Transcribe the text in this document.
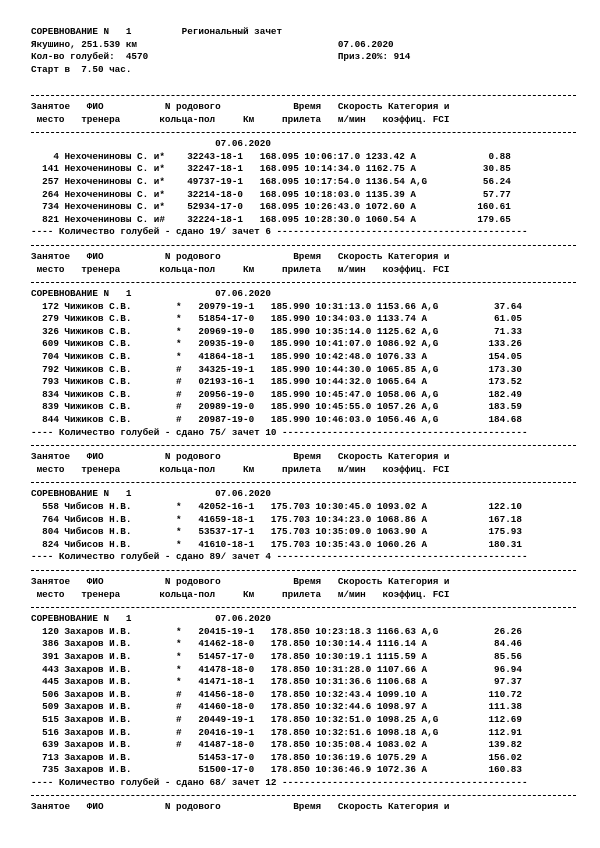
СОРЕВНОВАНИЕ N   1         Региональный зачет
Якушино, 251.539 км                                    07.06.2020
Кол-во голубей:  4570                                  Приз.20%: 914
Старт в  7.50 час.
Занятое   ФИО           N родового             Время   Скорость Категория и
место   тренера       кольца-пол     Км     прилета   м/мин   коэффиц. FCI
07.06.2020
4 Нехочениновы С. и*    32243-18-1   168.095 10:06:17.0 1233.42 A             0.88
141 Нехочениновы С. и*    32247-18-1   168.095 10:14:34.0 1162.75 A            30.85
257 Нехочениновы С. и*    49737-19-1   168.095 10:17:54.0 1136.54 A,G          56.24
264 Нехочениновы С. и*    32214-18-0   168.095 10:18:03.0 1135.39 A            57.77
734 Нехочениновы С. и*    52934-17-0   168.095 10:26:43.0 1072.60 A           160.61
821 Нехочениновы С. и#    32224-18-1   168.095 10:28:30.0 1060.54 A           179.65
---- Количество голубей - сдано 19/ зачет 6 ---------------------------------------------
Занятое   ФИО           N родового             Время   Скорость Категория и
место   тренера       кольца-пол     Км     прилета   м/мин   коэффиц. FCI
СОРЕВНОВАНИЕ N   1               07.06.2020
172 Чижиков С.В.        *   20979-19-1   185.990 10:31:13.0 1153.66 A,G          37.64
279 Чижиков С.В.        *   51854-17-0   185.990 10:34:03.0 1133.74 A            61.05
326 Чижиков С.В.        *   20969-19-0   185.990 10:35:14.0 1125.62 A,G          71.33
609 Чижиков С.В.        *   20935-19-0   185.990 10:41:07.0 1086.92 A,G         133.26
704 Чижиков С.В.        *   41864-18-1   185.990 10:42:48.0 1076.33 A           154.05
792 Чижиков С.В.        #   34325-19-1   185.990 10:44:30.0 1065.85 A,G         173.30
793 Чижиков С.В.        #   02193-16-1   185.990 10:44:32.0 1065.64 A           173.52
834 Чижиков С.В.        #   20956-19-0   185.990 10:45:47.0 1058.06 A,G         182.49
839 Чижиков С.В.        #   20989-19-0   185.990 10:45:55.0 1057.26 A,G         183.59
844 Чижиков С.В.        #   20987-19-0   185.990 10:46:03.0 1056.46 A,G         184.68
---- Количество голубей - сдано 75/ зачет 10 --------------------------------------------
Занятое   ФИО           N родового             Время   Скорость Категория и
место   тренера       кольца-пол     Км     прилета   м/мин   коэффиц. FCI
СОРЕВНОВАНИЕ N   1               07.06.2020
558 Чибисов Н.В.        *   42052-16-1   175.703 10:30:45.0 1093.02 A           122.10
764 Чибисов Н.В.        *   41659-18-1   175.703 10:34:23.0 1068.86 A           167.18
804 Чибисов Н.В.        *   53537-17-1   175.703 10:35:09.0 1063.90 A           175.93
824 Чибисов Н.В.        *   41610-18-1   175.703 10:35:43.0 1060.26 A           180.31
---- Количество голубей - сдано 89/ зачет 4 ---------------------------------------------
Занятое   ФИО           N родового             Время   Скорость Категория и
место   тренера       кольца-пол     Км     прилета   м/мин   коэффиц. FCI
СОРЕВНОВАНИЕ N   1               07.06.2020
120 Захаров И.В.        *   20415-19-1   178.850 10:23:18.3 1166.63 A,G          26.26
386 Захаров И.В.        *   41462-18-0   178.850 10:30:14.4 1116.14 A            84.46
391 Захаров И.В.        *   51457-17-0   178.850 10:30:19.1 1115.59 A            85.56
443 Захаров И.В.        *   41478-18-0   178.850 10:31:28.0 1107.66 A            96.94
445 Захаров И.В.        *   41471-18-1   178.850 10:31:36.6 1106.68 A            97.37
506 Захаров И.В.        #   41456-18-0   178.850 10:32:43.4 1099.10 A           110.72
509 Захаров И.В.        #   41460-18-0   178.850 10:32:44.6 1098.97 A           111.38
515 Захаров И.В.        #   20449-19-1   178.850 10:32:51.0 1098.25 A,G         112.69
516 Захаров И.В.        #   20416-19-1   178.850 10:32:51.6 1098.18 A,G         112.91
639 Захаров И.В.        #   41487-18-0   178.850 10:35:08.4 1083.02 A           139.82
713 Захаров И.В.            51453-17-0   178.850 10:36:19.6 1075.29 A           156.02
735 Захаров И.В.            51500-17-0   178.850 10:36:46.9 1072.36 A           160.83
---- Количество голубей - сдано 68/ зачет 12 --------------------------------------------
Занятое   ФИО           N родового             Время   Скорость Категория и
